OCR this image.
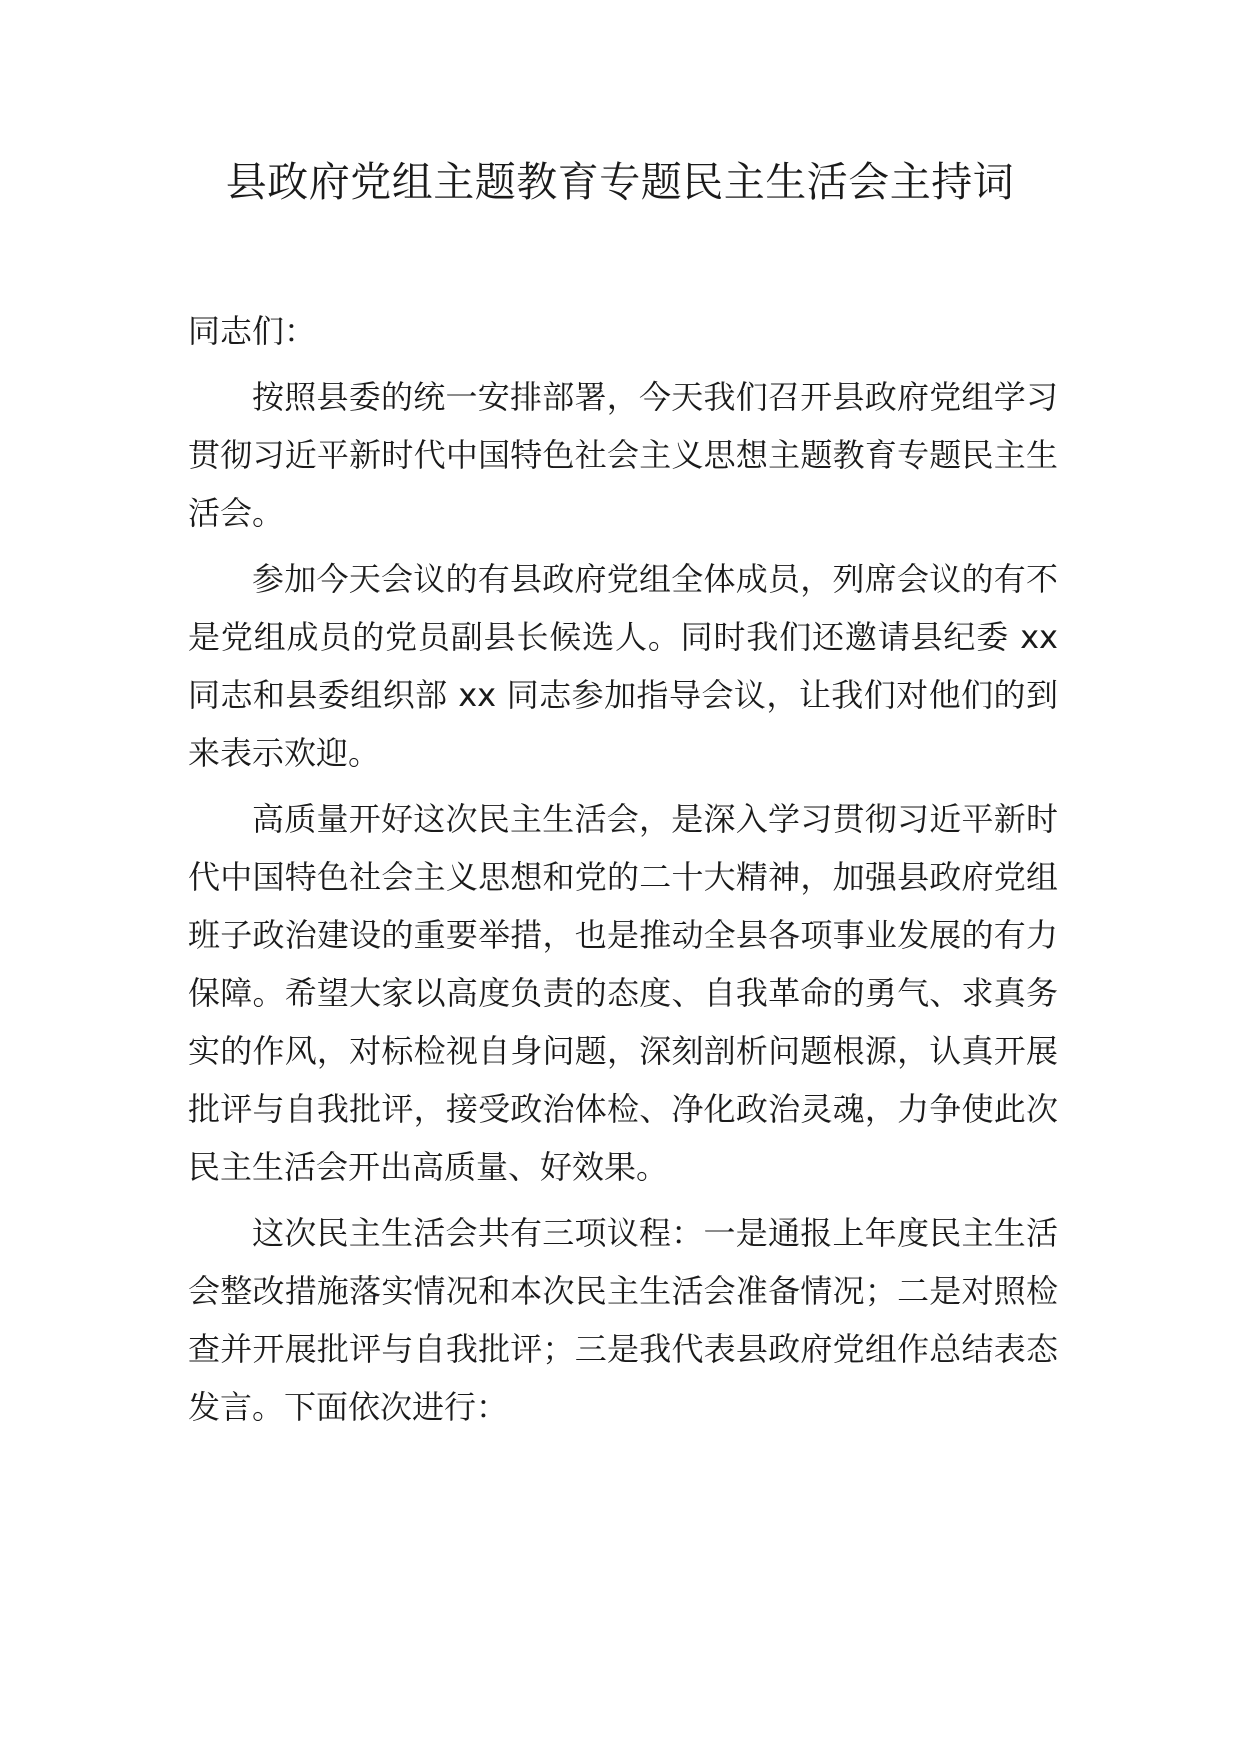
县政府党组主题教育专题民主生活会主持词

同志们：

按照县委的统一安排部署，今天我们召开县政府党组学习贯彻习近平新时代中国特色社会主义思想主题教育专题民主生活会。

参加今天会议的有县政府党组全体成员，列席会议的有不是党组成员的党员副县长候选人。同时我们还邀请县纪委 xx 同志和县委组织部 xx 同志参加指导会议，让我们对他们的到来表示欢迎。

高质量开好这次民主生活会，是深入学习贯彻习近平新时代中国特色社会主义思想和党的二十大精神，加强县政府党组班子政治建设的重要举措，也是推动全县各项事业发展的有力保障。希望大家以高度负责的态度、自我革命的勇气、求真务实的作风，对标检视自身问题，深刻剖析问题根源，认真开展批评与自我批评，接受政治体检、净化政治灵魂，力争使此次民主生活会开出高质量、好效果。

这次民主生活会共有三项议程：一是通报上年度民主生活会整改措施落实情况和本次民主生活会准备情况；二是对照检查并开展批评与自我批评；三是我代表县政府党组作总结表态发言。下面依次进行：
